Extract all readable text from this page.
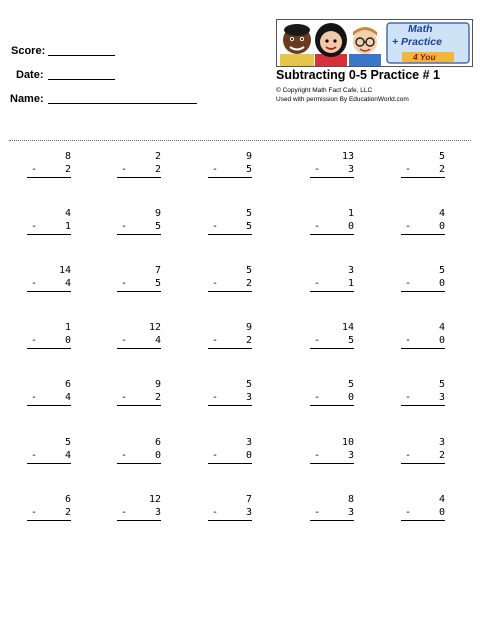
Score:
Date:
Name:
Math
+ Practice
4 You
Subtracting 0-5 Practice # 1
© Copyright Math Fact Cafe, LLC
Used with permission By EducationWorld.com
8
-	2
2
-	2
9
-	5
13
-	3
5
-	2
4
-	1
9
-	5
5
-	5
1
-	0
4
-	0
14
-	4
7
-	5
5
-	2
3
-	1
5
-	0
1
-	0
12
-	4
9
-	2
14
-	5
4
-	0
6
-	4
9
-	2
5
-	3
5
-	0
5
-	3
5
-	4
6
-	0
3
-	0
10
-	3
3
-	2
6
-	2
12
-	3
7
-	3
8
-	3
4
-	0
